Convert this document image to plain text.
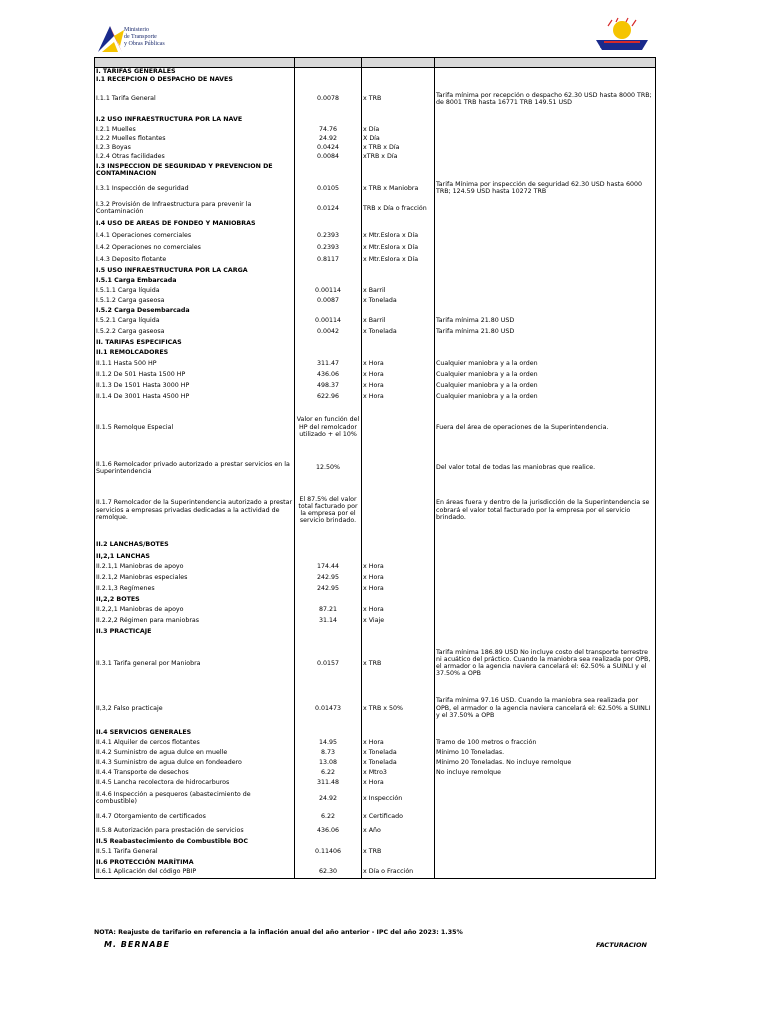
Ministerio
de Transporte
y Obras Públicas	SUINLI

I. TARIFAS GENERALES			
I.1 RECEPCION O DESPACHO DE NAVES			
I.1.1 Tarifa General	0.0078	x TRB	Tarifa mínima por recepción o despacho 62.30 USD hasta 8000 TRB; de 8001 TRB hasta 16771 TRB 149.51 USD
I.2 USO INFRAESTRUCTURA POR LA NAVE			
I.2.1 Muelles	74.76	x Día	
I.2.2 Muelles flotantes	24.92	X Día	
I.2.3 Boyas	0.0424	x TRB x Día	
I.2.4 Otras facilidades	0.0084	xTRB x Día	
I.3 INSPECCION DE SEGURIDAD Y PREVENCION DE CONTAMINACION			
I.3.1 Inspección de seguridad	0.0105	x TRB x Maniobra	Tarifa Mínima por inspección de seguridad 62.30 USD hasta 6000 TRB; 124.59 USD hasta 10272 TRB
I.3.2 Provisión de Infraestructura para prevenir la Contaminación	0.0124	TRB x Día o fracción	
I.4 USO DE AREAS DE FONDEO Y MANIOBRAS			
I.4.1 Operaciones comerciales	0.2393	x Mtr.Eslora x Día	
I.4.2 Operaciones no comerciales	0.2393	x Mtr.Eslora x Día	
I.4.3 Deposito flotante	0.8117	x Mtr.Eslora x Día	
I.5 USO INFRAESTRUCTURA POR LA CARGA			
I.5.1 Carga Embarcada			
I.5.1.1 Carga líquida	0.00114	x Barril	
I.5.1.2 Carga gaseosa	0.0087	x Tonelada	
I.5.2 Carga Desembarcada			
I.5.2.1 Carga líquida	0.00114	x Barril	Tarifa mínima 21.80 USD
I.5.2.2 Carga gaseosa	0.0042	x Tonelada	Tarifa mínima 21.80 USD
II. TARIFAS ESPECIFICAS			
II.1 REMOLCADORES			
II.1.1 Hasta 500 HP	311.47	x Hora	Cualquier maniobra y a la orden
II.1.2 De 501 Hasta 1500 HP	436.06	x Hora	Cualquier maniobra y a la orden
II.1.3 De 1501 Hasta 3000 HP	498.37	x Hora	Cualquier maniobra y a la orden
II.1.4 De 3001 Hasta 4500 HP	622.96	x Hora	Cualquier maniobra y a la orden
II.1.5 Remolque Especial	Valor en función del HP del remolcador utilizado + el 10%		Fuera del área de operaciones de la Superintendencia.
II.1.6 Remolcador privado autorizado a prestar servicios en la Superintendencia	12.50%		Del valor total de todas las maniobras que realice.
II.1.7 Remolcador de la Superintendencia autorizado a prestar servicios a empresas privadas dedicadas a la actividad de remolque.	El 87.5% del valor total facturado por la empresa por el servicio brindado.		En áreas fuera y dentro de la jurisdicción de la Superintendencia se cobrará el valor total facturado por la empresa por el servicio brindado.
II.2 LANCHAS/BOTES			
II,2,1 LANCHAS			
II.2.1,1 Maniobras de apoyo	174.44	x Hora	
II.2.1,2 Maniobras especiales	242.95	x Hora	
II.2.1,3 Regímenes	242.95	x Hora	
II,2,2 BOTES			
II.2,2,1 Maniobras de apoyo	87.21	x Hora	
II.2.2,2 Régimen para maniobras	31.14	x Viaje	
II.3 PRACTICAJE			
II.3.1 Tarifa general por Maniobra	0.0157	x TRB	Tarifa mínima 186.89 USD No incluye costo del transporte terrestre ni acuático del práctico. Cuando la maniobra sea realizada por OPB, el armador o la agencia naviera cancelará el: 62.50% a SUINLI y el 37.50% a OPB
II,3,2 Falso practicaje	0.01473	x TRB x 50%	Tarifa mínima 97.16 USD. Cuando la maniobra sea realizada por OPB, el armador o la agencia naviera cancelará el: 62.50% a SUINLI y el 37.50% a OPB
II.4 SERVICIOS GENERALES			
II.4.1 Alquiler de cercos flotantes	14.95	x Hora	Tramo de 100 metros o fracción
II.4.2 Suministro de agua dulce en muelle	8.73	x Tonelada	Mínimo 10 Toneladas.
II.4.3 Suministro de agua dulce en fondeadero	13.08	x Tonelada	Mínimo 20 Toneladas. No incluye remolque
II.4.4 Transporte de desechos	6.22	x Mtro3	No incluye remolque
II.4.5 Lancha recolectora de hidrocarburos	311.48	x Hora	
II.4.6 Inspección a pesqueros (abastecimiento de combustible)	24.92	x Inspección	
II.4.7 Otorgamiento de certificados	6.22	x Certificado	
II.5.8 Autorización para prestación de servicios	436.06	x Año	
II.5 Reabastecimiento de Combustible BOC			
II.5.1 Tarifa General	0.11406	x TRB	
II.6 PROTECCIÓN MARÍTIMA			
II.6.1 Aplicación del código PBIP	62.30	x Día o Fracción	
NOTA: Reajuste de tarifario en referencia a la inflación anual del año anterior - IPC del año 2023: 1.35%
M. BERNABE	FACTURACION
